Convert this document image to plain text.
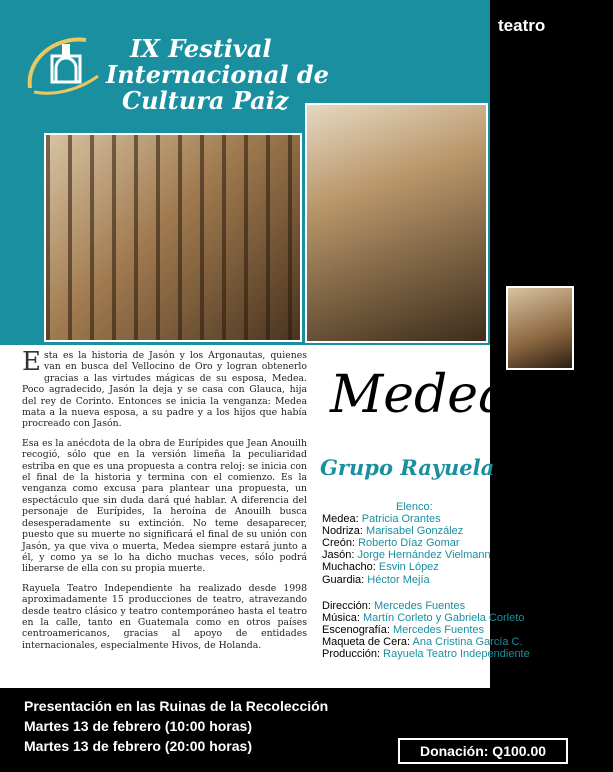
teatro
IX Festival
Internacional de
Cultura Paiz

Esta es la historia de Jasón y los Argonautas, quienes van en busca del Vellocino de Oro y logran obtenerlo gracias a las virtudes mágicas de su esposa, Medea. Poco agradecido, Jasón la deja y se casa con Glauca, hija del rey de Corinto. Entonces se inicia la venganza: Medea mata a la nueva esposa, a su padre y a los hijos que había procreado con Jasón.

Esa es la anécdota de la obra de Eurípides que Jean Anouilh recogió, sólo que en la versión limeña la peculiaridad estriba en que es una propuesta a contra reloj: se inicia con el final de la historia y termina con el comienzo. Es la venganza como excusa para plantear una propuesta, un espectáculo que sin duda dará qué hablar. A diferencia del personaje de Eurípides, la heroína de Anouilh busca desesperadamente su extinción. No teme desaparecer, puesto que su muerte no significará el final de su unión con Jasón, ya que viva o muerta, Medea siempre estará junto a él, y como ya se lo ha dicho muchas veces, sólo podrá liberarse de ella con su propia muerte.

Rayuela Teatro Independiente ha realizado desde 1998 aproximadamente 15 producciones de teatro, atravezando desde teatro clásico y teatro contemporáneo hasta el teatro en la calle, tanto en Guatemala como en otros países centroamericanos, gracias al apoyo de entidades internacionales, especialmente Hivos, de Holanda.

Medea
Grupo Rayuela
Elenco:
Medea: Patricia Orantes
Nodriza: Marisabel González
Creón: Roberto Díaz Gomar
Jasón: Jorge Hernández Vielmann
Muchacho: Esvin López
Guardia: Héctor Mejía
Dirección: Mercedes Fuentes
Música: Martín Corleto y Gabriela Corleto
Escenografía: Mercedes Fuentes
Maqueta de Cera: Ana Cristina García C.
Producción: Rayuela Teatro Independiente
Presentación en las Ruinas de la Recolección
Martes 13 de febrero (10:00 horas)
Martes 13 de febrero (20:00 horas)	Donación: Q100.00
